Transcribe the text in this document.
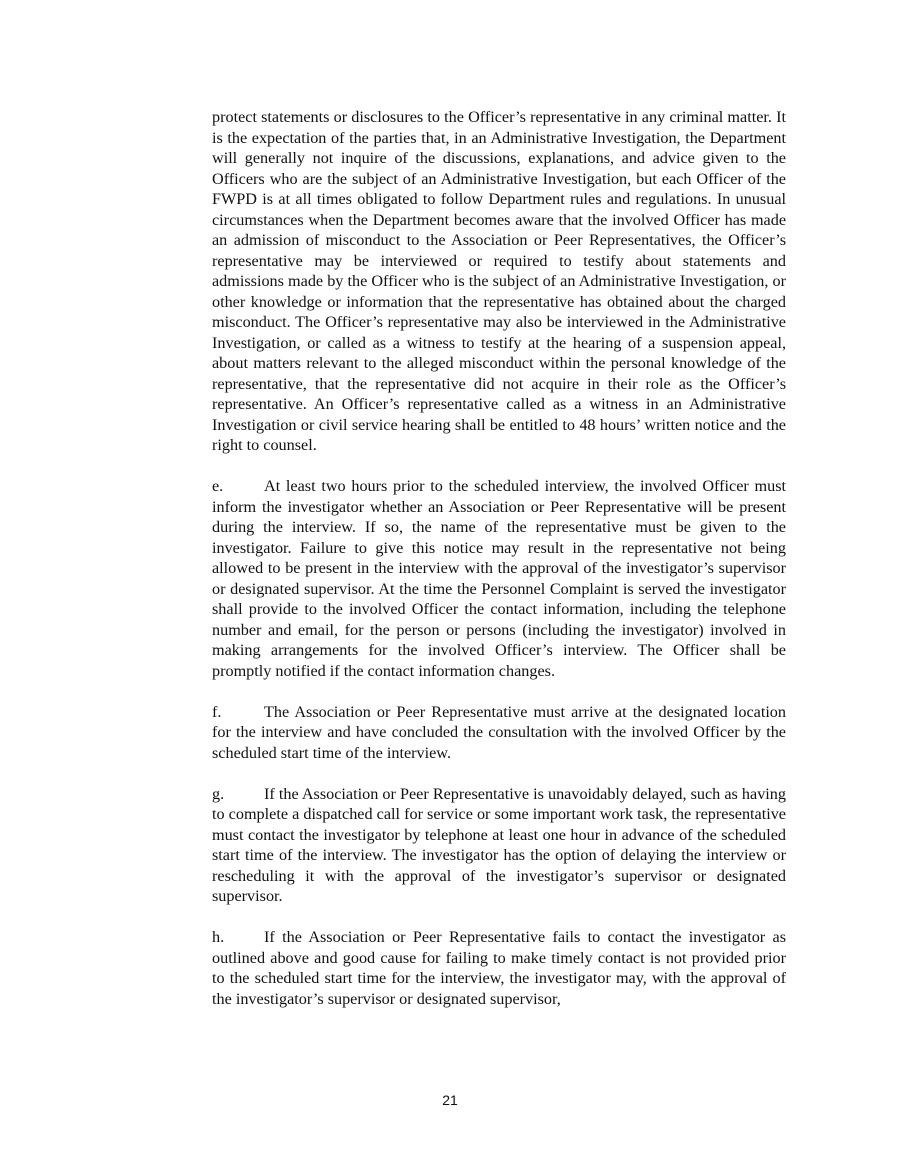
protect statements or disclosures to the Officer’s representative in any criminal matter. It is the expectation of the parties that, in an Administrative Investigation, the Department will generally not inquire of the discussions, explanations, and advice given to the Officers who are the subject of an Administrative Investigation, but each Officer of the FWPD is at all times obligated to follow Department rules and regulations. In unusual circumstances when the Department becomes aware that the involved Officer has made an admission of misconduct to the Association or Peer Representatives, the Officer’s representative may be interviewed or required to testify about statements and admissions made by the Officer who is the subject of an Administrative Investigation, or other knowledge or information that the representative has obtained about the charged misconduct. The Officer’s representative may also be interviewed in the Administrative Investigation, or called as a witness to testify at the hearing of a suspension appeal, about matters relevant to the alleged misconduct within the personal knowledge of the representative, that the representative did not acquire in their role as the Officer’s representative. An Officer’s representative called as a witness in an Administrative Investigation or civil service hearing shall be entitled to 48 hours’ written notice and the right to counsel.

e.	At least two hours prior to the scheduled interview, the involved Officer must inform the investigator whether an Association or Peer Representative will be present during the interview. If so, the name of the representative must be given to the investigator. Failure to give this notice may result in the representative not being allowed to be present in the interview with the approval of the investigator’s supervisor or designated supervisor. At the time the Personnel Complaint is served the investigator shall provide to the involved Officer the contact information, including the telephone number and email, for the person or persons (including the investigator) involved in making arrangements for the involved Officer’s interview. The Officer shall be promptly notified if the contact information changes.

f.	The Association or Peer Representative must arrive at the designated location for the interview and have concluded the consultation with the involved Officer by the scheduled start time of the interview.

g. If the Association or Peer Representative is unavoidably delayed, such as having to complete a dispatched call for service or some important work task, the representative must contact the investigator by telephone at least one hour in advance of the scheduled start time of the interview. The investigator has the option of delaying the interview or rescheduling it with the approval of the investigator’s supervisor or designated supervisor.

h. If the Association or Peer Representative fails to contact the investigator as outlined above and good cause for failing to make timely contact is not provided prior to the scheduled start time for the interview, the investigator may, with the approval of the investigator’s supervisor or designated supervisor,

21
